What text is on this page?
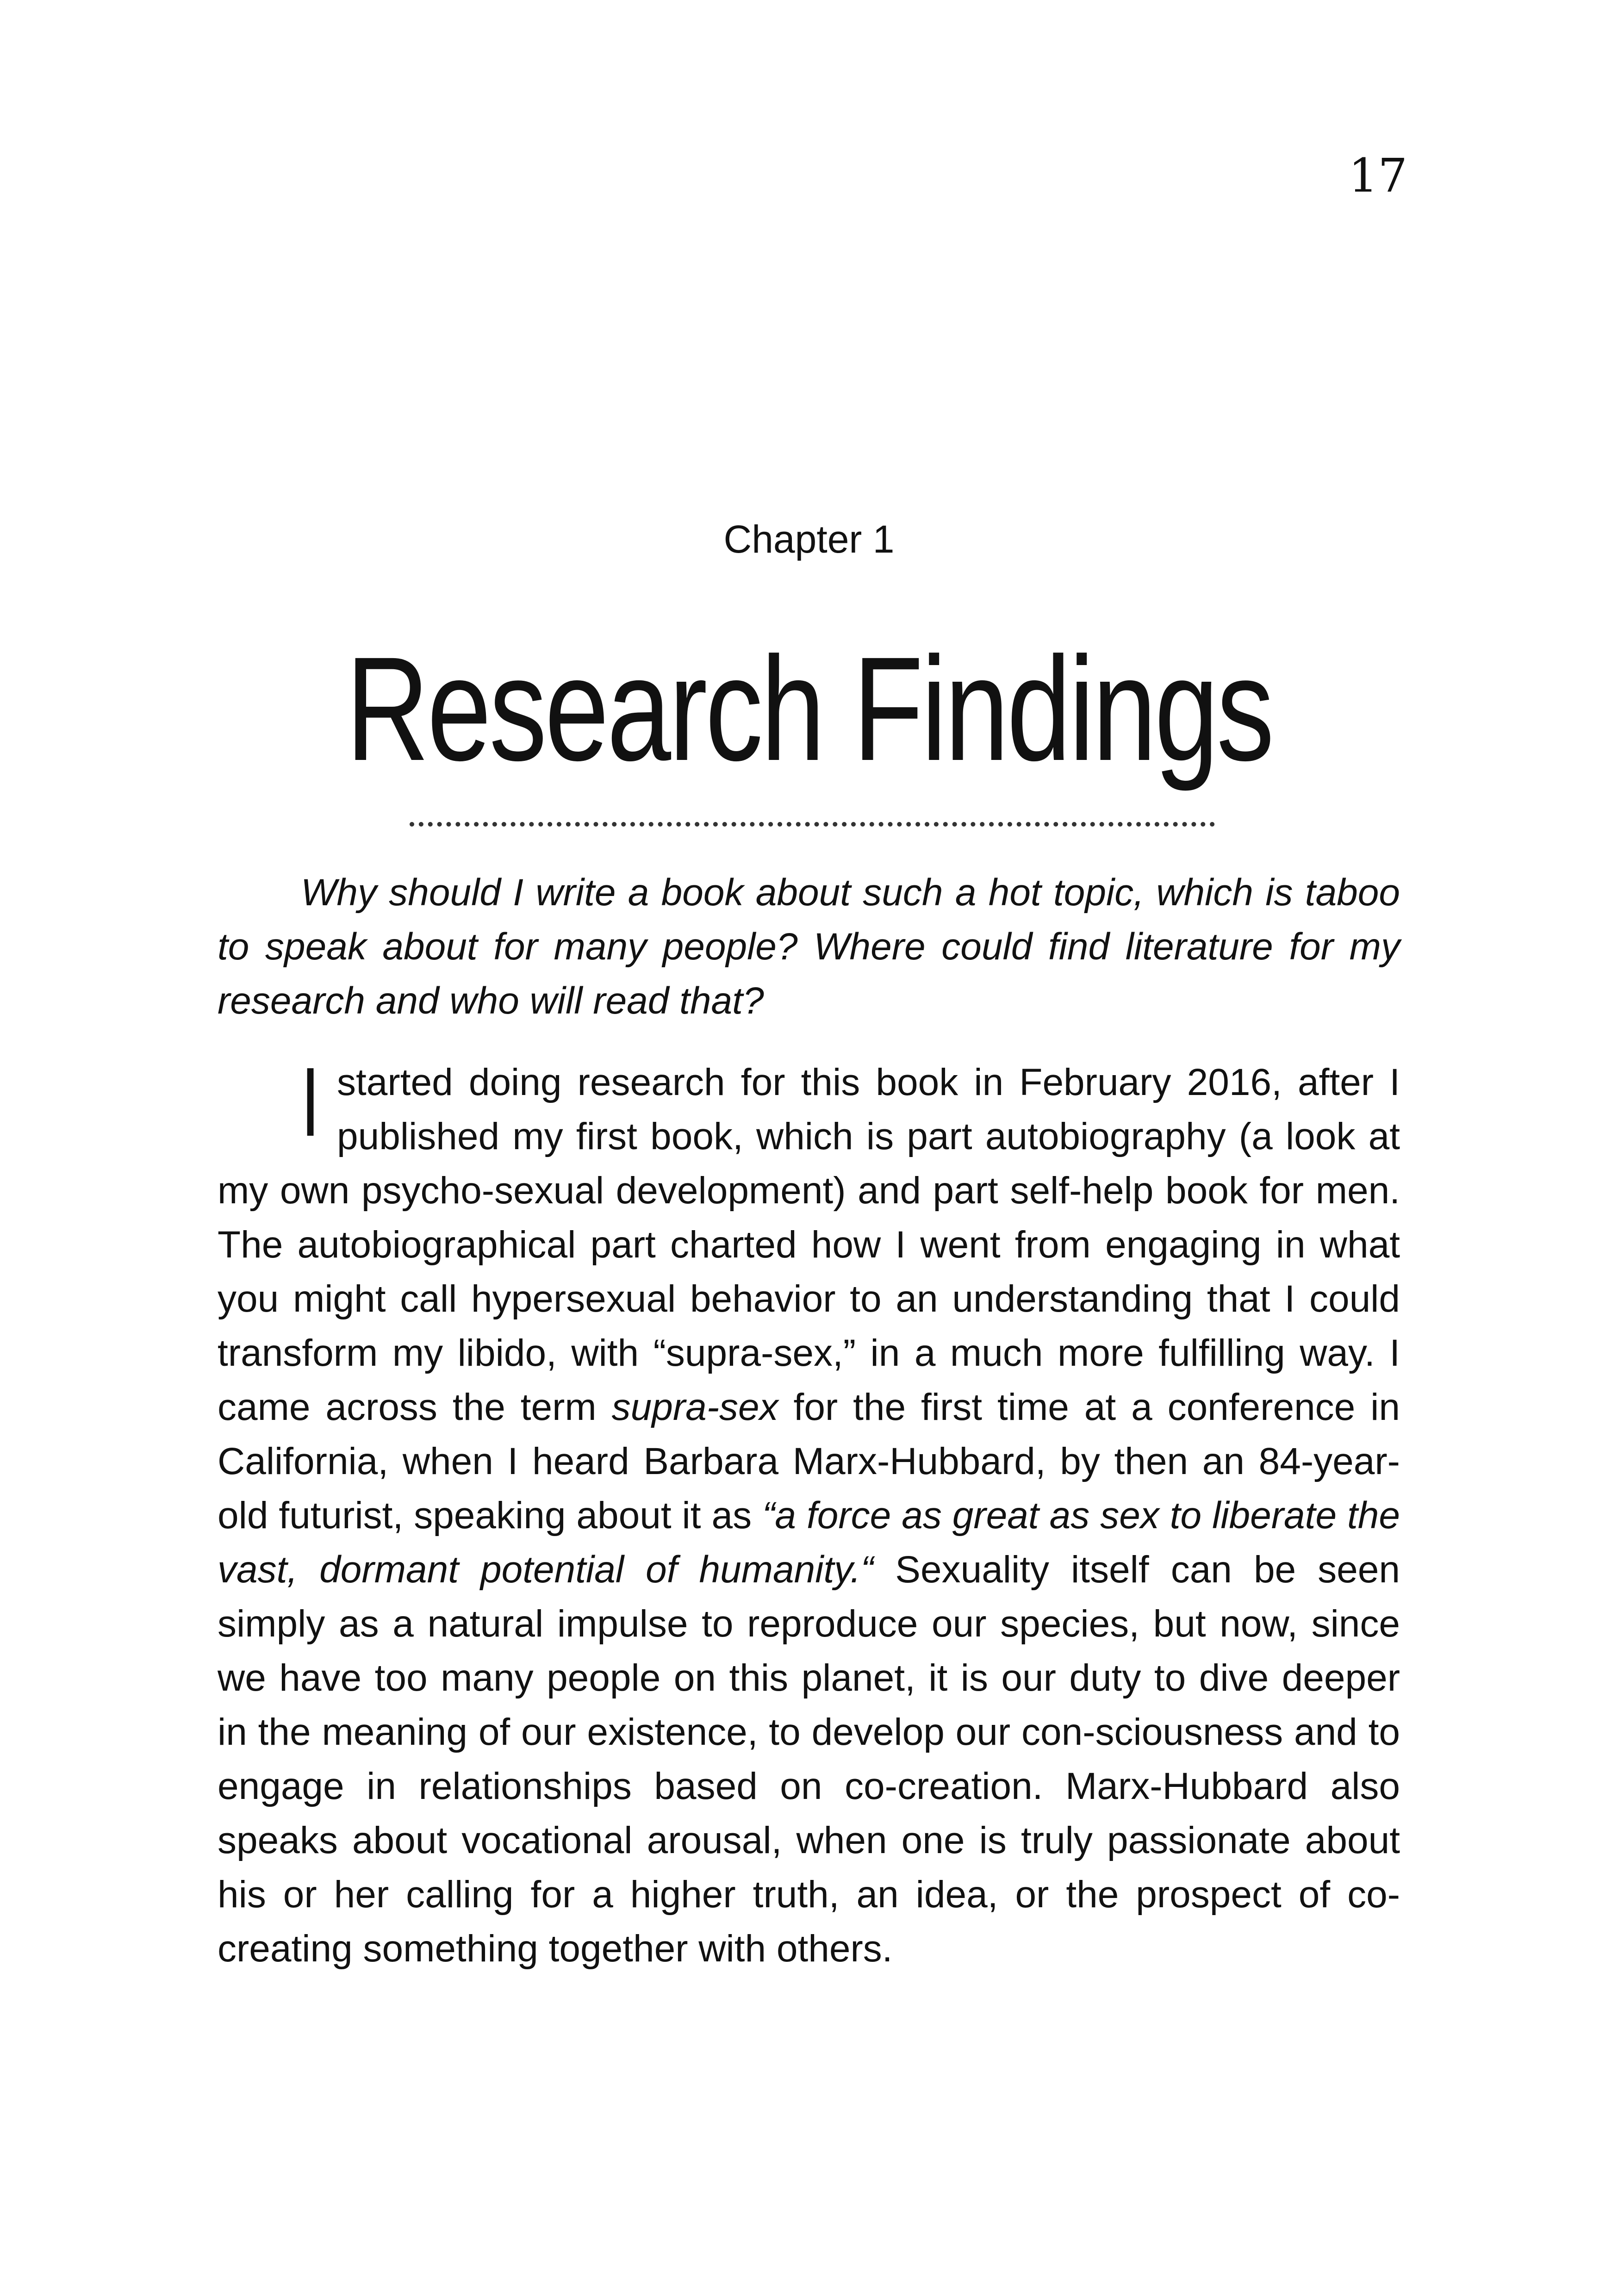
17
Chapter 1
Research Findings

Why should I write a book about such a hot topic, which is taboo to speak about for many people? Where could find literature for my research and who will read that?

I started doing research for this book in February 2016, after I published my first book, which is part autobiography (a look at my own psycho-sexual development) and part self-help book for men. The autobiographical part charted how I went from engaging in what you might call hypersexual behavior to an understanding that I could transform my libido, with “supra-sex,” in a much more fulfilling way. I came across the term supra-sex for the first time at a conference in California, when I heard Barbara Marx-Hubbard, by then an 84-year-old futurist, speaking about it as “a force as great as sex to liberate the vast, dormant potential of humanity.“ Sexuality itself can be seen simply as a natural impulse to reproduce our species, but now, since we have too many people on this planet, it is our duty to dive deeper in the meaning of our existence, to develop our con-sciousness and to engage in relationships based on co-creation. Marx-Hubbard also speaks about vocational arousal, when one is truly passionate about his or her calling for a higher truth, an idea, or the prospect of co-creating something together with others.
